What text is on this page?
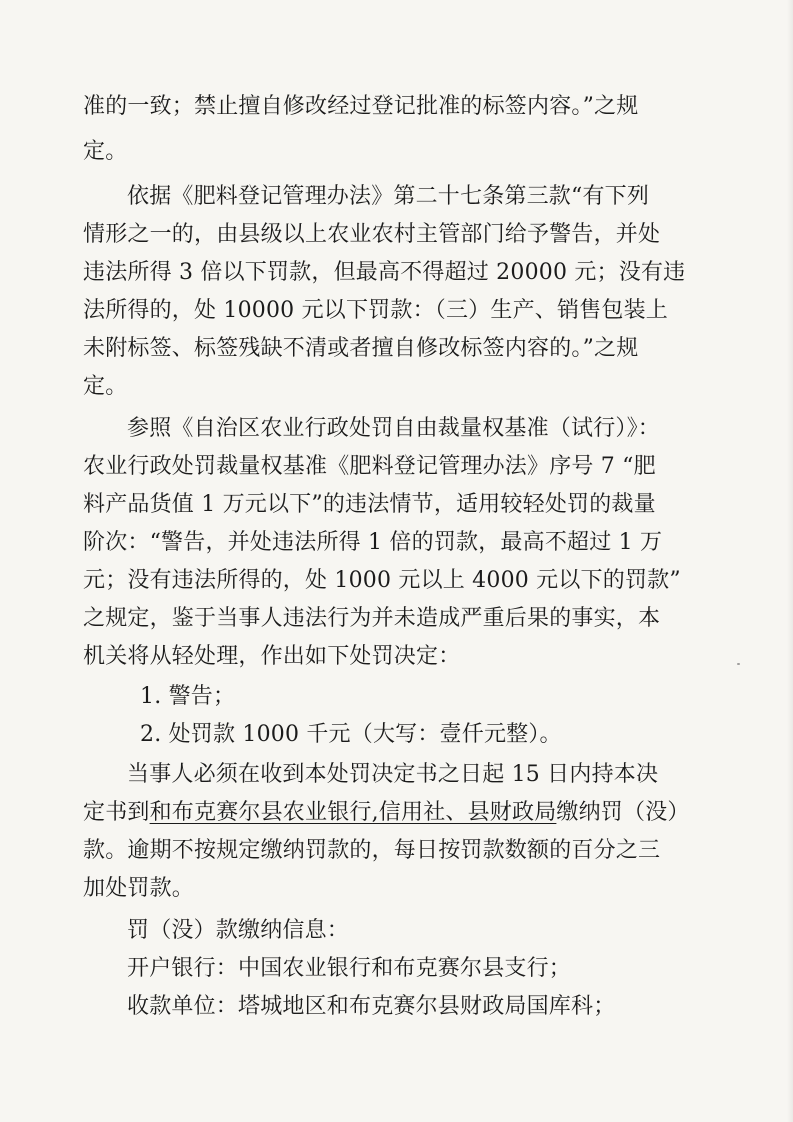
准的一致；禁止擅自修改经过登记批准的标签内容。”之规
定。
依据《肥料登记管理办法》第二十七条第三款“有下列
情形之一的，由县级以上农业农村主管部门给予警告，并处
违法所得 3 倍以下罚款，但最高不得超过 20000 元；没有违
法所得的，处 10000 元以下罚款：（三）生产、销售包装上
未附标签、标签残缺不清或者擅自修改标签内容的。”之规
定。
参照《自治区农业行政处罚自由裁量权基准（试行）》：
农业行政处罚裁量权基准《肥料登记管理办法》序号 7 “肥
料产品货值 1 万元以下”的违法情节，适用较轻处罚的裁量
阶次：“警告，并处违法所得 1 倍的罚款，最高不超过 1 万
元；没有违法所得的，处 1000 元以上 4000 元以下的罚款”
之规定，鉴于当事人违法行为并未造成严重后果的事实，本
机关将从轻处理，作出如下处罚决定：
1. 警告；
2. 处罚款 1000 千元（大写：壹仟元整）。
当事人必须在收到本处罚决定书之日起 15 日内持本决
定书到和布克赛尔县农业银行,信用社、县财政局缴纳罚（没）
款。逾期不按规定缴纳罚款的，每日按罚款数额的百分之三
加处罚款。
罚（没）款缴纳信息：
开户银行：中国农业银行和布克赛尔县支行；
收款单位：塔城地区和布克赛尔县财政局国库科；
